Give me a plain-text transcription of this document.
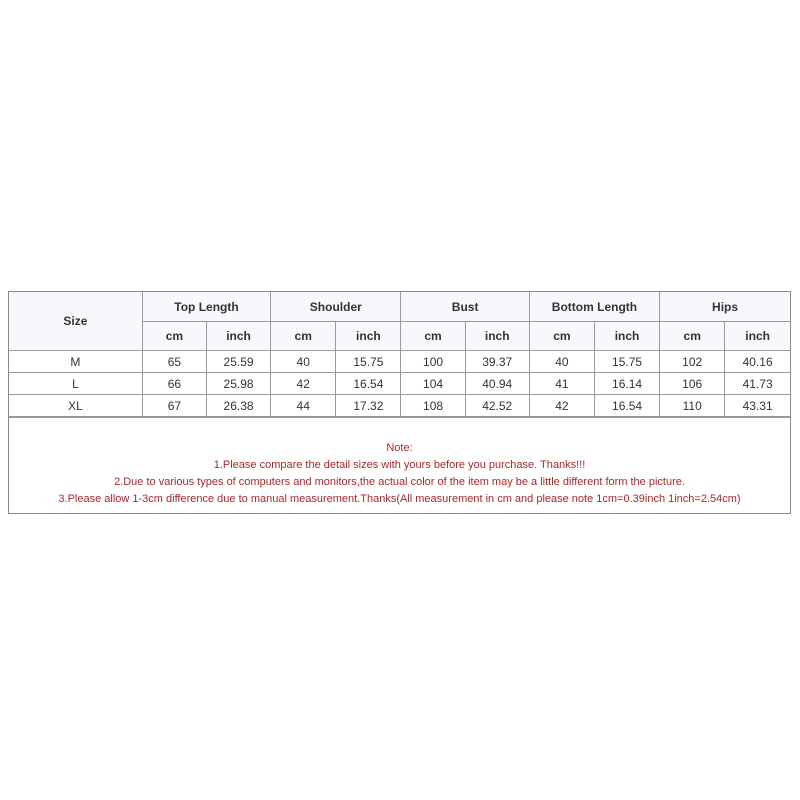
Size	Top Length		Shoulder		Bust		Bottom Length		Hips	
	cm	inch	cm	inch	cm	inch	cm	inch	cm	inch
M	65	25.59	40	15.75	100	39.37	40	15.75	102	40.16
L	66	25.98	42	16.54	104	40.94	41	16.14	106	41.73
XL	67	26.38	44	17.32	108	42.52	42	16.54	110	43.31
Note:
1.Please compare the detail sizes with yours before you purchase. Thanks!!!
2.Due to various types of computers and monitors,the actual color of the item may be a little different form the picture.
3.Please allow 1-3cm difference due to manual measurement.Thanks(All measurement in cm and please note 1cm=0.39inch 1inch=2.54cm)
